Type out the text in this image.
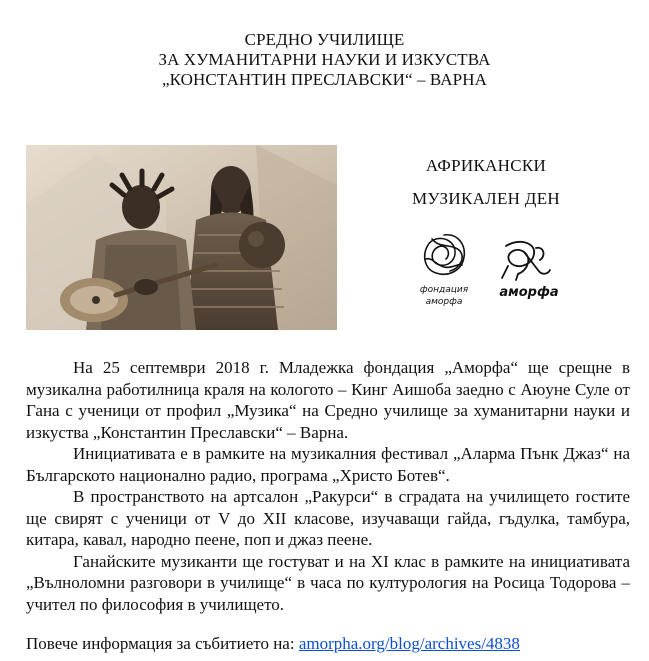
СРЕДНО УЧИЛИЩЕ
ЗА ХУМАНИТАРНИ НАУКИ И ИЗКУСТВА
„КОНСТАНТИН ПРЕСЛАВСКИ“ – ВАРНА
АФРИКАНСКИ
МУЗИКАЛЕН ДЕН
фондация
аморфа
аморфа

На 25 септември 2018 г. Младежка фондация „Аморфа“ ще срещне в музикална работилница краля на кологото – Кинг Аишоба заедно с Аюуне Суле от Гана с ученици от профил „Музика“ на Средно училище за хуманитарни науки и изкуства „Константин Преславски“ – Варна.

Инициативата е в рамките на музикалния фестивал „Аларма Пънк Джаз“ на Българското национално радио, програма „Христо Ботев“.

В пространството на артсалон „Ракурси“ в сградата на училището гостите ще свирят с ученици от V до XII класове, изучаващи гайда, гъдулка, тамбура, китара, кавал, народно пеене, поп и джаз пеене.

Ганайските музиканти ще гостуват и на XI клас в рамките на инициативата „Вълноломни разговори в училище“ в часа по културология на Росица Тодорова – учител по философия в училището.

Повече информация за събитието на: amorpha.org/blog/archives/4838
